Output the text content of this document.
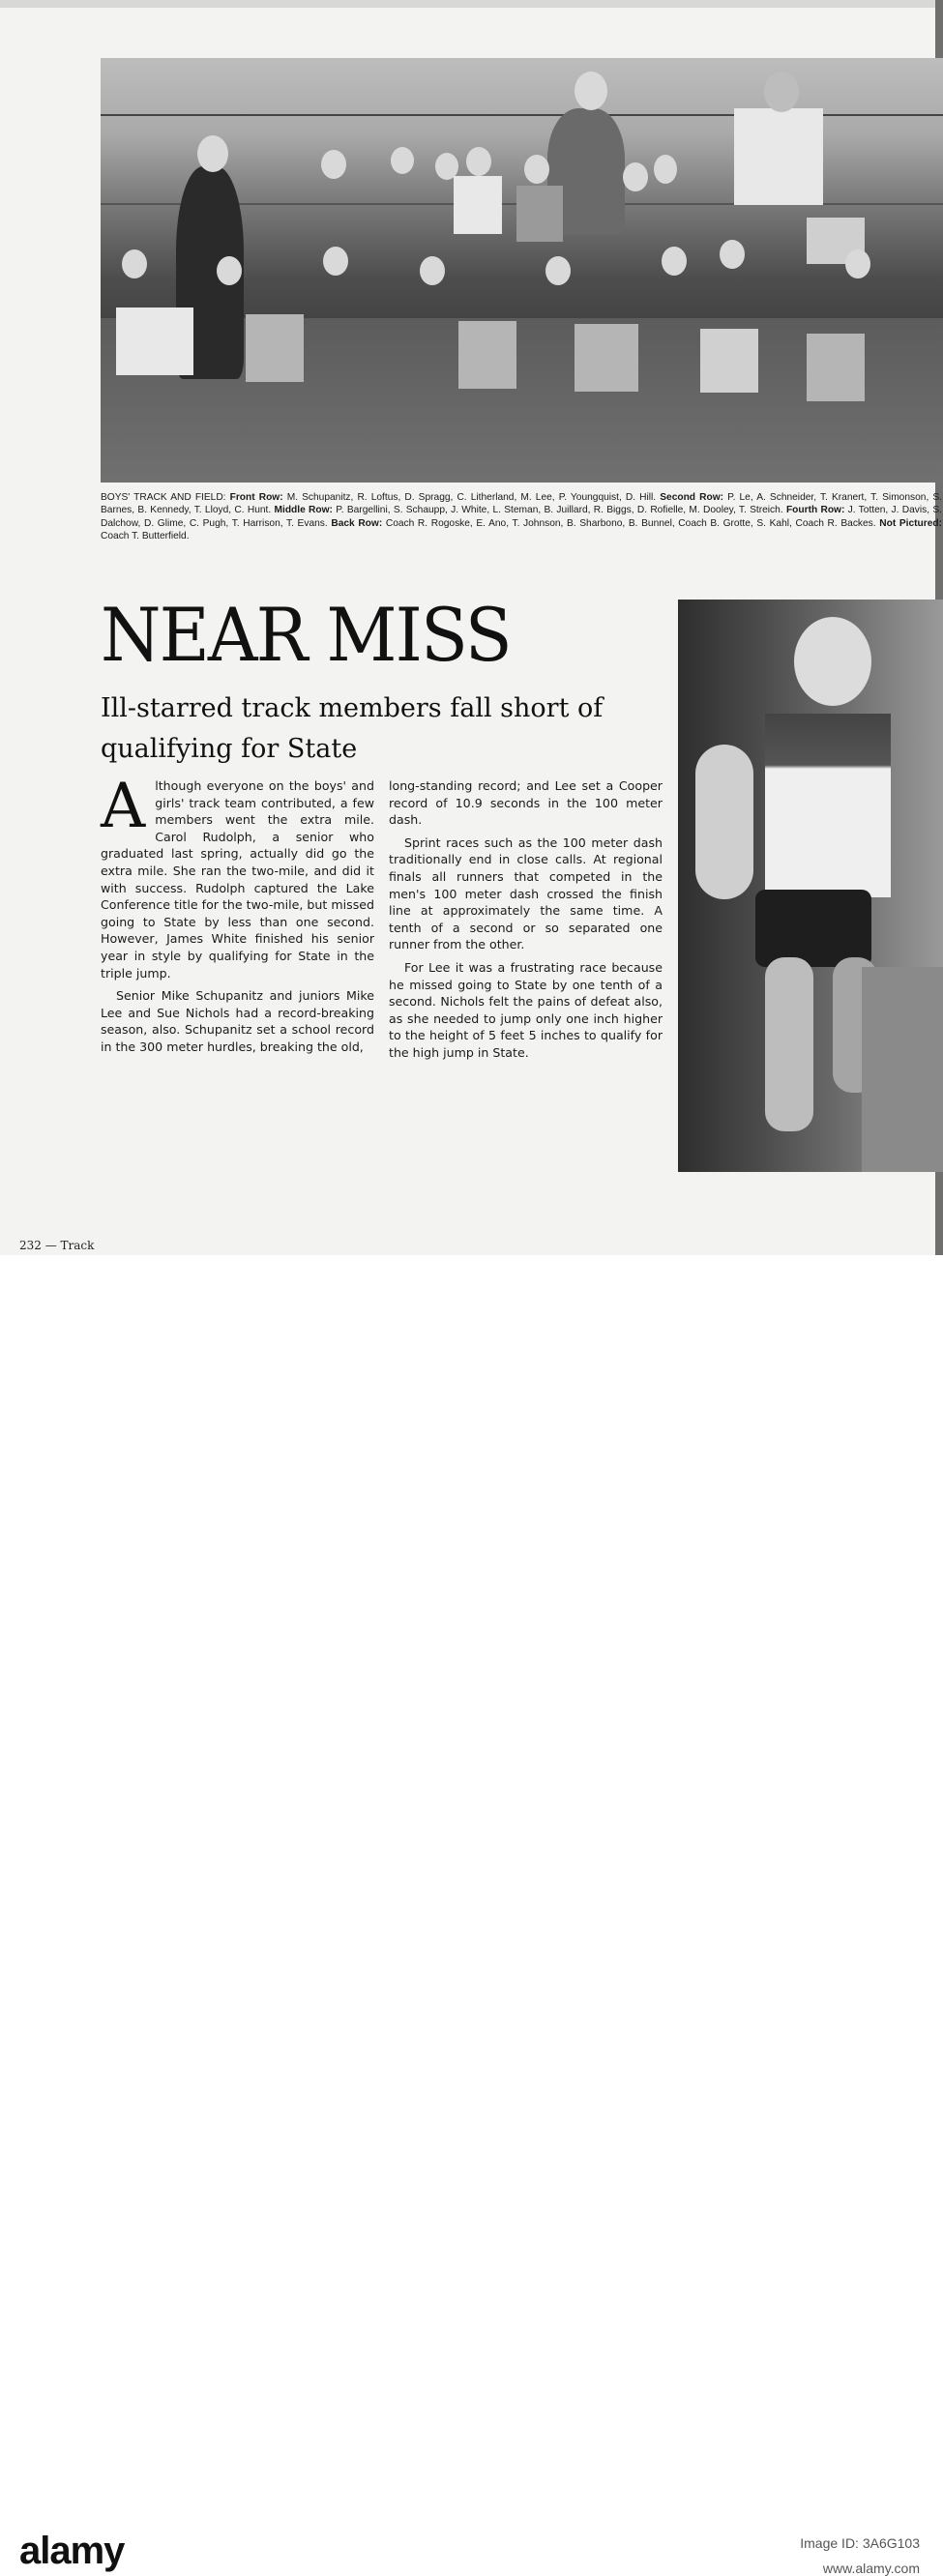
BOYS' TRACK AND FIELD: Front Row: M. Schupanitz, R. Loftus, D. Spragg, C. Litherland, M. Lee, P. Youngquist, D. Hill. Second Row: P. Le, A. Schneider, T. Kranert, T. Simonson, S. Barnes, B. Kennedy, T. Lloyd, C. Hunt. Middle Row: P. Bargellini, S. Schaupp, J. White, L. Steman, B. Juillard, R. Biggs, D. Rofielle, M. Dooley, T. Streich. Fourth Row: J. Totten, J. Davis, S. Dalchow, D. Glime, C. Pugh, T. Harrison, T. Evans. Back Row: Coach R. Rogoske, E. Ano, T. Johnson, B. Sharbono, B. Bunnel, Coach B. Grotte, S. Kahl, Coach R. Backes. Not Pictured: Coach T. Butterfield.
NEAR MISS
Ill-starred track members fall short of qualifying for State

Although everyone on the boys' and girls' track team contributed, a few members went the extra mile. Carol Rudolph, a senior who graduated last spring, actually did go the extra mile. She ran the two-mile, and did it with success. Rudolph captured the Lake Conference title for the two-mile, but missed going to State by less than one second. However, James White finished his senior year in style by qualifying for State in the triple jump.

Senior Mike Schupanitz and juniors Mike Lee and Sue Nichols had a record-breaking season, also. Schupanitz set a school record in the 300 meter hurdles, breaking the old,

long-standing record; and Lee set a Cooper record of 10.9 seconds in the 100 meter dash.

Sprint races such as the 100 meter dash traditionally end in close calls. At regional finals all runners that competed in the men's 100 meter dash crossed the finish line at approximately the same time. A tenth of a second or so separated one runner from the other.

For Lee it was a frustrating race because he missed going to State by one tenth of a second. Nichols felt the pains of defeat also, as she needed to jump only one inch higher to the height of 5 feet 5 inches to qualify for the high jump in State.

232 — Track
alamy	Image ID: 3A6G103
www.alamy.com
